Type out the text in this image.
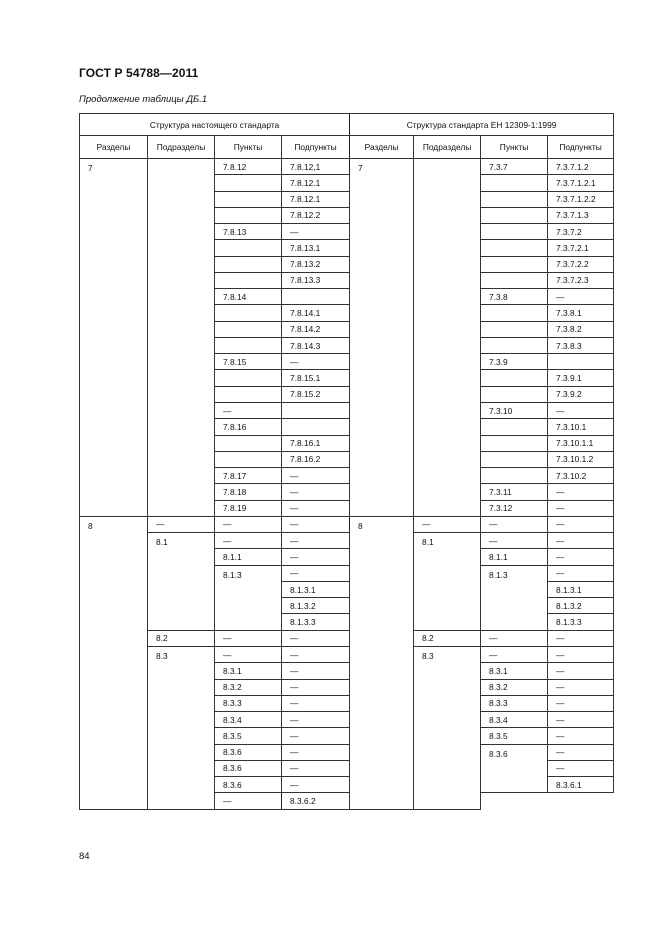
ГОСТ Р 54788—2011
Продолжение таблицы ДБ.1
Структура настоящего стандарта				Структура стандарта ЕН 12309-1:1999			
Разделы	Подразделы	Пункты	Подпункты	Разделы	Подразделы	Пункты	Подпункты
7		7.8.12	7.8.12,1	7		7.3.7	7.3.7.1.2
			7.8.12.1				7.3.7.1.2.1
			7.8.12.1				7.3.7.1.2.2
			7.8.12.2				7.3.7.1.3
		7.8.13	—				7.3.7.2
			7.8.13.1				7.3.7.2.1
			7.8.13.2				7.3.7.2.2
			7.8.13.3				7.3.7.2.3
		7.8.14				7.3.8	—
			7.8.14.1				7.3.8.1
			7.8.14.2				7.3.8.2
			7.8.14.3				7.3.8.3
		7.8.15	—			7.3.9	
			7.8.15.1				7.3.9.1
			7.8.15.2				7.3.9.2
		—				7.3.10	—
		7.8.16					7.3.10.1
			7.8.16.1				7.3.10.1.1
			7.8.16.2				7.3.10.1.2
		7.8.17	—				7.3.10.2
		7.8.18	—			7.3.11	—
		7.8.19	—			7.3.12	—
8	—	—	—	8	—	—	—
	8.1	—	—		8.1	—	—
		8.1.1	—			8.1.1	—
		8.1.3	—			8.1.3	—
			8.1.3.1				8.1.3.1
			8.1.3.2				8.1.3.2
			8.1.3.3				8.1.3.3
	8.2	—	—		8.2	—	—
	8.3	—	—		8.3	—	—
		8.3.1	—			8.3.1	—
		8.3.2	—			8.3.2	—
		8.3.3	—			8.3.3	—
		8.3.4	—			8.3.4	—
		8.3.5	—			8.3.5	—
		8.3.6	—			8.3.6	—
		8.3.6	—				—
		8.3.6	—				8.3.6.1
		—	8.3.6.2				
84
